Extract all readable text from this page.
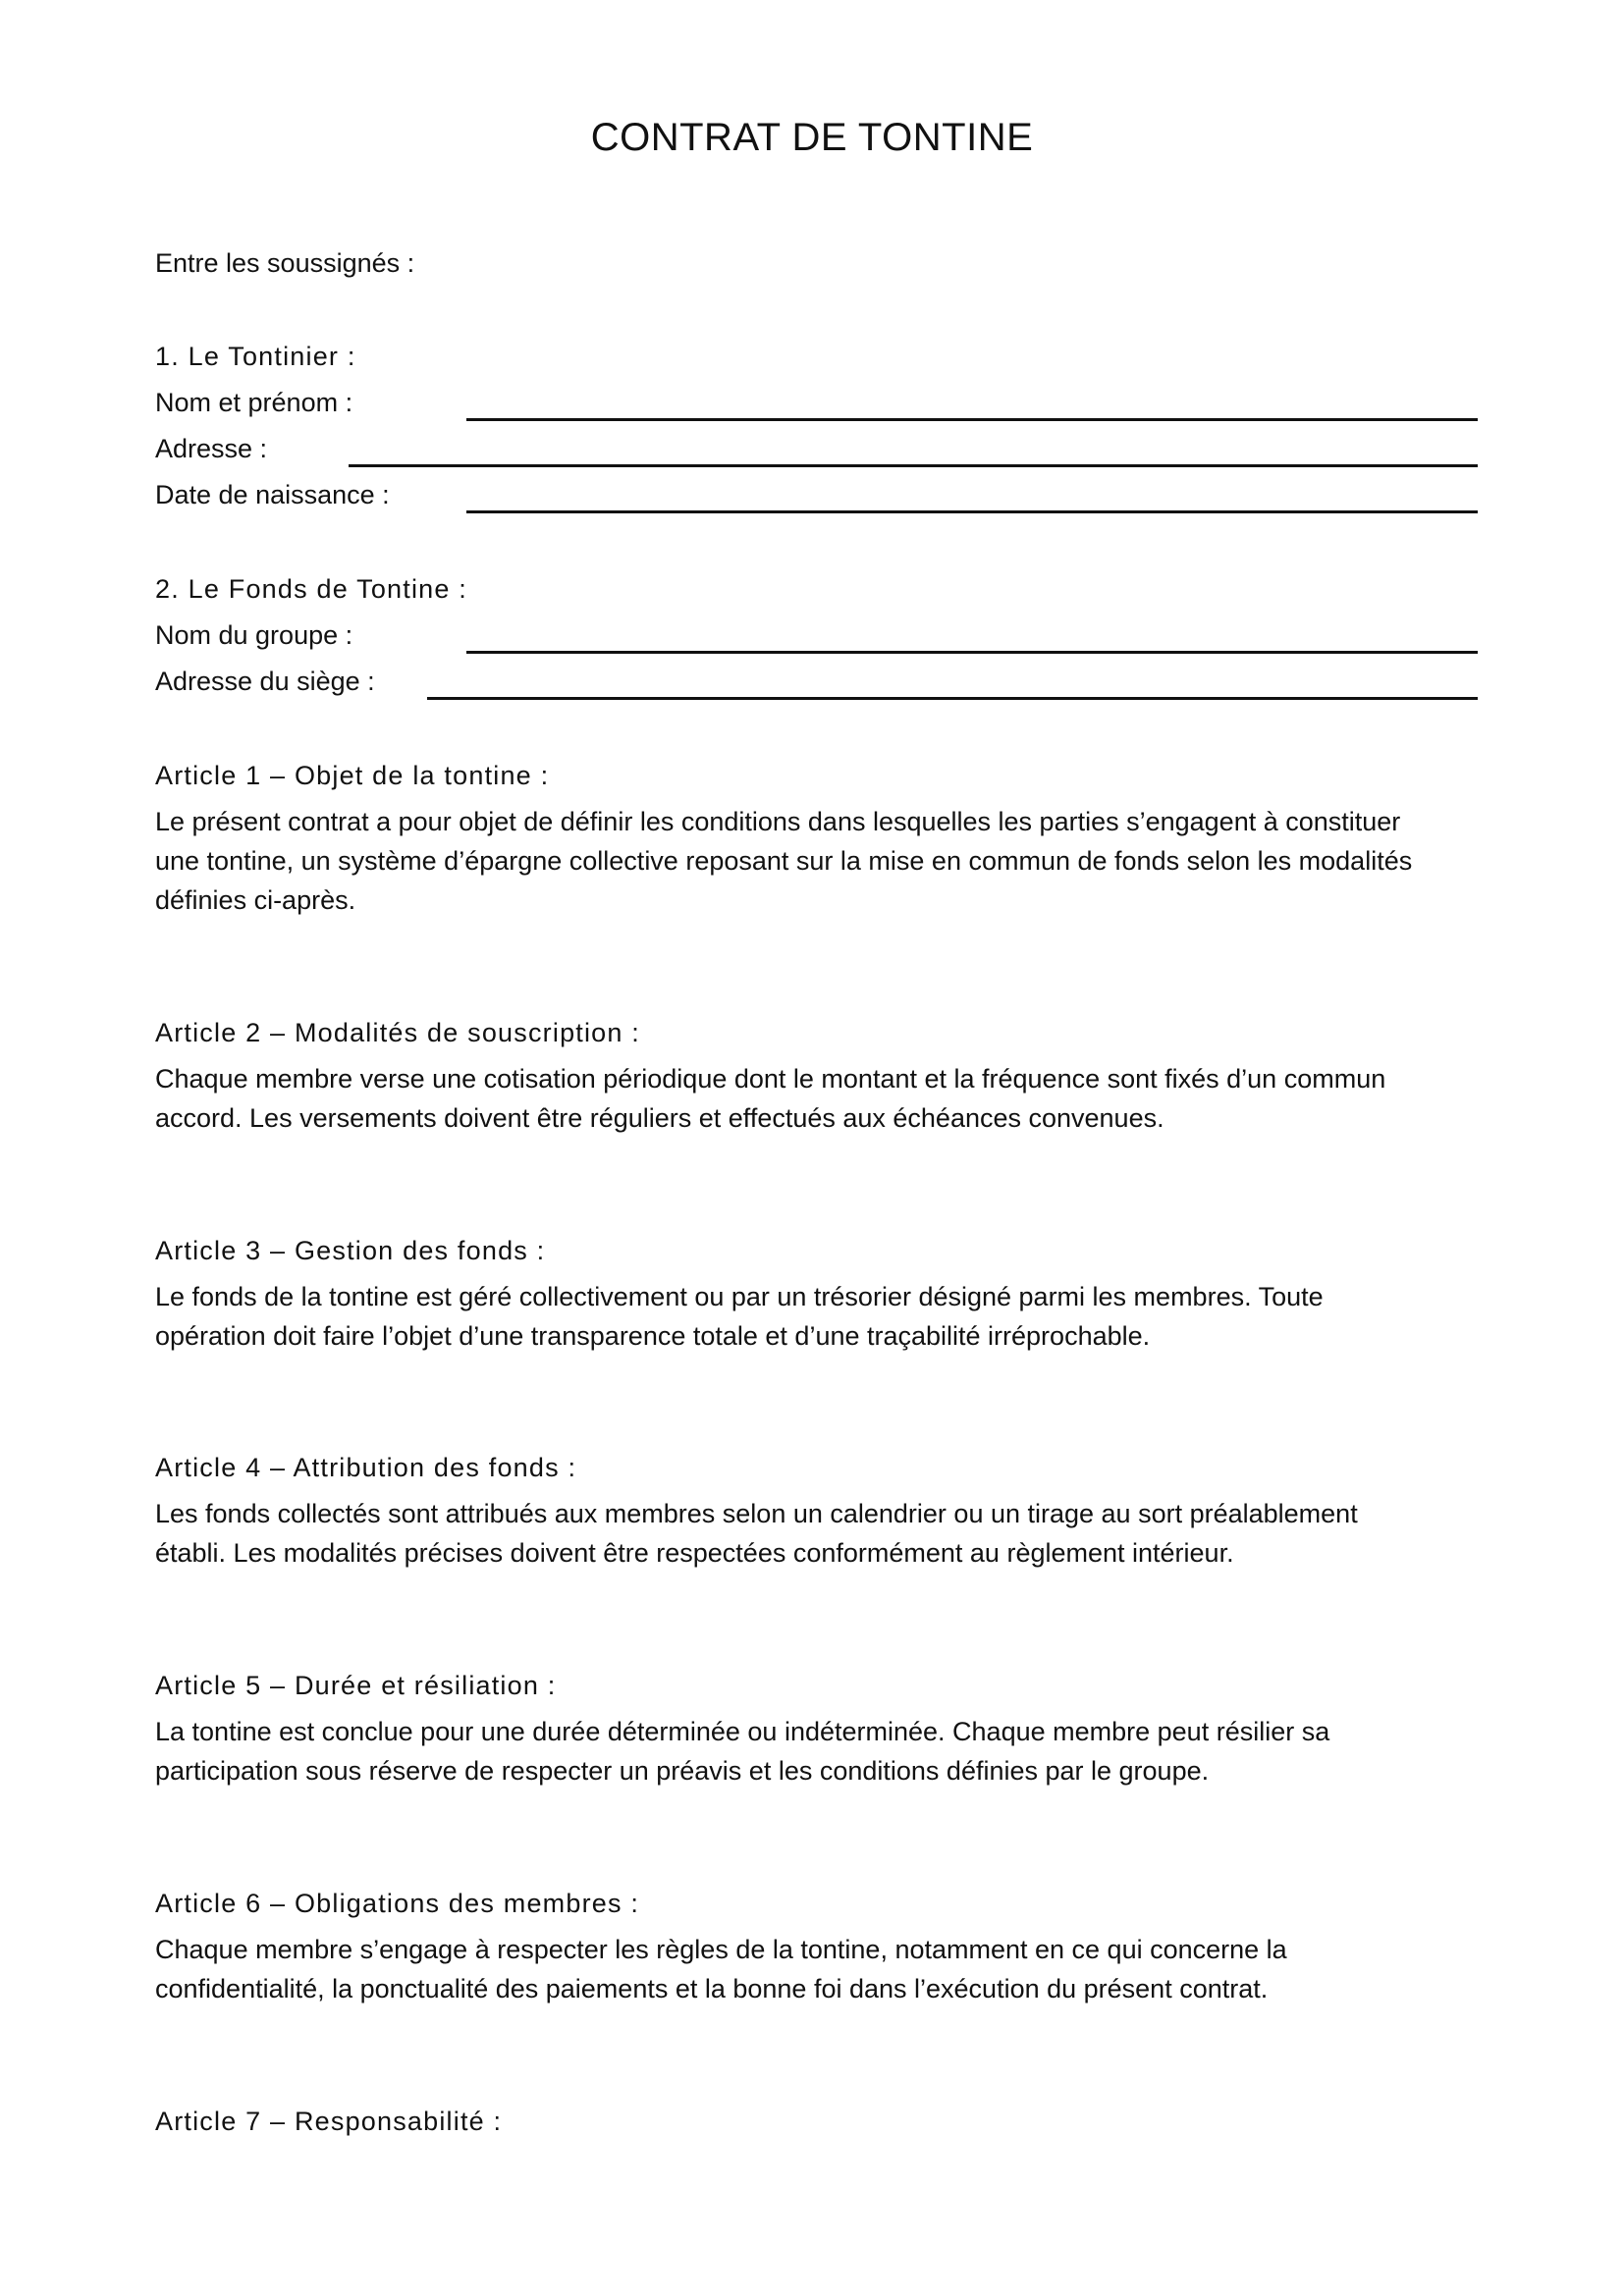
CONTRAT DE TONTINE
Entre les soussignés :
1. Le Tontinier :
Nom et prénom :
Adresse :
Date de naissance :
2. Le Fonds de Tontine :
Nom du groupe :
Adresse du siège :
Article 1 – Objet de la tontine :
Le présent contrat a pour objet de définir les conditions dans lesquelles les parties s’engagent à constituer
une tontine, un système d’épargne collective reposant sur la mise en commun de fonds selon les modalités
définies ci-après.
Article 2 – Modalités de souscription :
Chaque membre verse une cotisation périodique dont le montant et la fréquence sont fixés d’un commun
accord. Les versements doivent être réguliers et effectués aux échéances convenues.
Article 3 – Gestion des fonds :
Le fonds de la tontine est géré collectivement ou par un trésorier désigné parmi les membres. Toute
opération doit faire l’objet d’une transparence totale et d’une traçabilité irréprochable.
Article 4 – Attribution des fonds :
Les fonds collectés sont attribués aux membres selon un calendrier ou un tirage au sort préalablement
établi. Les modalités précises doivent être respectées conformément au règlement intérieur.
Article 5 – Durée et résiliation :
La tontine est conclue pour une durée déterminée ou indéterminée. Chaque membre peut résilier sa
participation sous réserve de respecter un préavis et les conditions définies par le groupe.
Article 6 – Obligations des membres :
Chaque membre s’engage à respecter les règles de la tontine, notamment en ce qui concerne la
confidentialité, la ponctualité des paiements et la bonne foi dans l’exécution du présent contrat.
Article 7 – Responsabilité :
